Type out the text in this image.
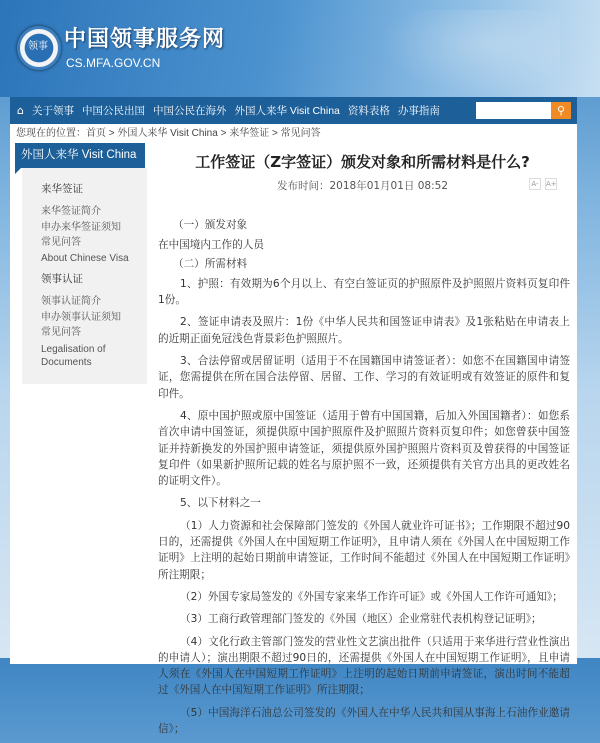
领事 中国领事服务网
CS.MFA.GOV.CN
⌂ 关于领事 中国公民出国 中国公民在海外 外国人来华 Visit China 资料表格 办事指南	⚲
您现在的位置：首页 > 外国人来华 Visit China > 来华签证 > 常见问答
外国人来华 Visit China
来华签证
来华签证简介
申办来华签证须知
常见问答
About Chinese Visa
领事认证
领事认证简介
申办领事认证须知
常见问答
Legalisation of Documents
工作签证（Z字签证）颁发对象和所需材料是什么?
发布时间：2018年01月01日 08:52	A-	A+

（一）颁发对象

在中国境内工作的人员

（二）所需材料

1、护照：有效期为6个月以上、有空白签证页的护照原件及护照照片资料页复印件1份。

2、签证申请表及照片：1份《中华人民共和国签证申请表》及1张粘贴在申请表上的近期正面免冠浅色背景彩色护照照片。

3、合法停留或居留证明（适用于不在国籍国申请签证者）：如您不在国籍国申请签证，您需提供在所在国合法停留、居留、工作、学习的有效证明或有效签证的原件和复印件。

4、原中国护照或原中国签证（适用于曾有中国国籍，后加入外国国籍者）：如您系首次申请中国签证，须提供原中国护照原件及护照照片资料页复印件；如您曾获中国签证并持新换发的外国护照申请签证，须提供原外国护照照片资料页及曾获得的中国签证复印件（如果新护照所记载的姓名与原护照不一致，还须提供有关官方出具的更改姓名的证明文件）。

5、以下材料之一

（1）人力资源和社会保障部门签发的《外国人就业许可证书》；工作期限不超过90日的，还需提供《外国人在中国短期工作证明》，且申请人须在《外国人在中国短期工作证明》上注明的起始日期前申请签证，工作时间不能超过《外国人在中国短期工作证明》所注期限；

（2）外国专家局签发的《外国专家来华工作许可证》或《外国人工作许可通知》；

（3）工商行政管理部门签发的《外国（地区）企业常驻代表机构登记证明》；

（4）文化行政主管部门签发的营业性文艺演出批件（只适用于来华进行营业性演出的申请人）；演出期限不超过90日的，还需提供《外国人在中国短期工作证明》，且申请人须在《外国人在中国短期工作证明》上注明的起始日期前申请签证，演出时间不能超过《外国人在中国短期工作证明》所注期限；

（5）中国海洋石油总公司签发的《外国人在中华人民共和国从事海上石油作业邀请信》；
